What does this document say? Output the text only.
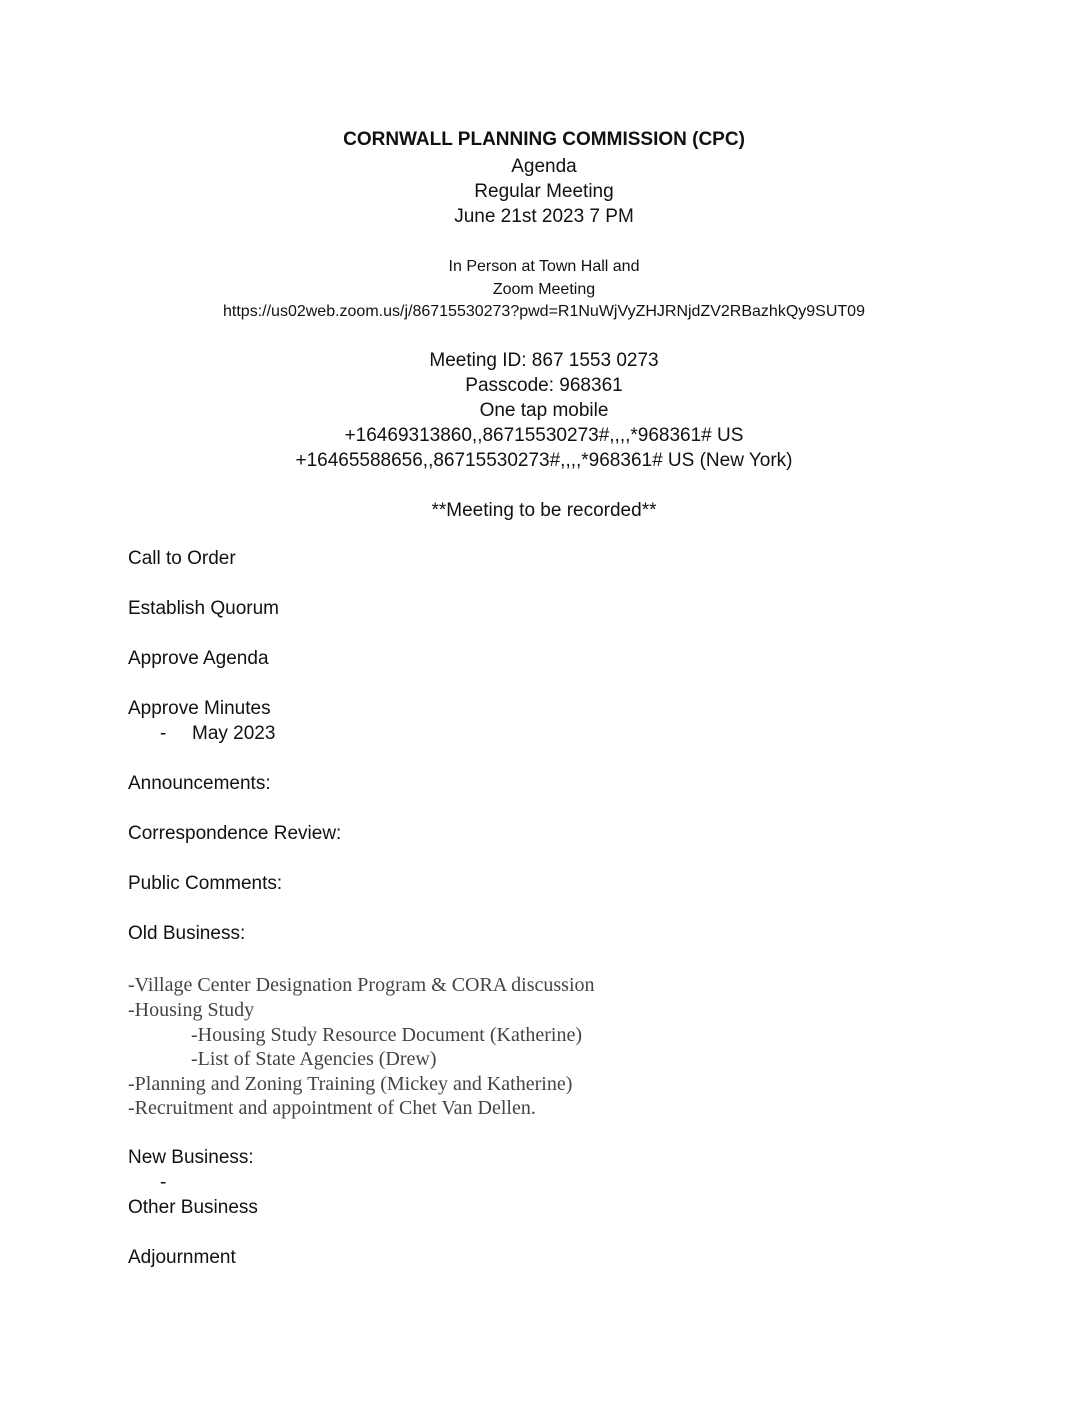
CORNWALL PLANNING COMMISSION (CPC)
Agenda
Regular Meeting
June 21st 2023 7 PM
In Person at Town Hall and
Zoom Meeting
https://us02web.zoom.us/j/86715530273?pwd=R1NuWjVyZHJRNjdZV2RBazhkQy9SUT09
Meeting ID: 867 1553 0273
Passcode: 968361
One tap mobile
+16469313860,,86715530273#,,,,*968361# US
+16465588656,,86715530273#,,,,*968361# US (New York)
**Meeting to be recorded**
Call to Order
Establish Quorum
Approve Agenda
Approve Minutes
- May 2023
Announcements:
Correspondence Review:
Public Comments:
Old Business:
-Village Center Designation Program & CORA discussion
-Housing Study
-Housing Study Resource Document (Katherine)
-List of State Agencies (Drew)
-Planning and Zoning Training (Mickey and Katherine)
-Recruitment and appointment of Chet Van Dellen.
New Business:
-
Other Business
Adjournment
